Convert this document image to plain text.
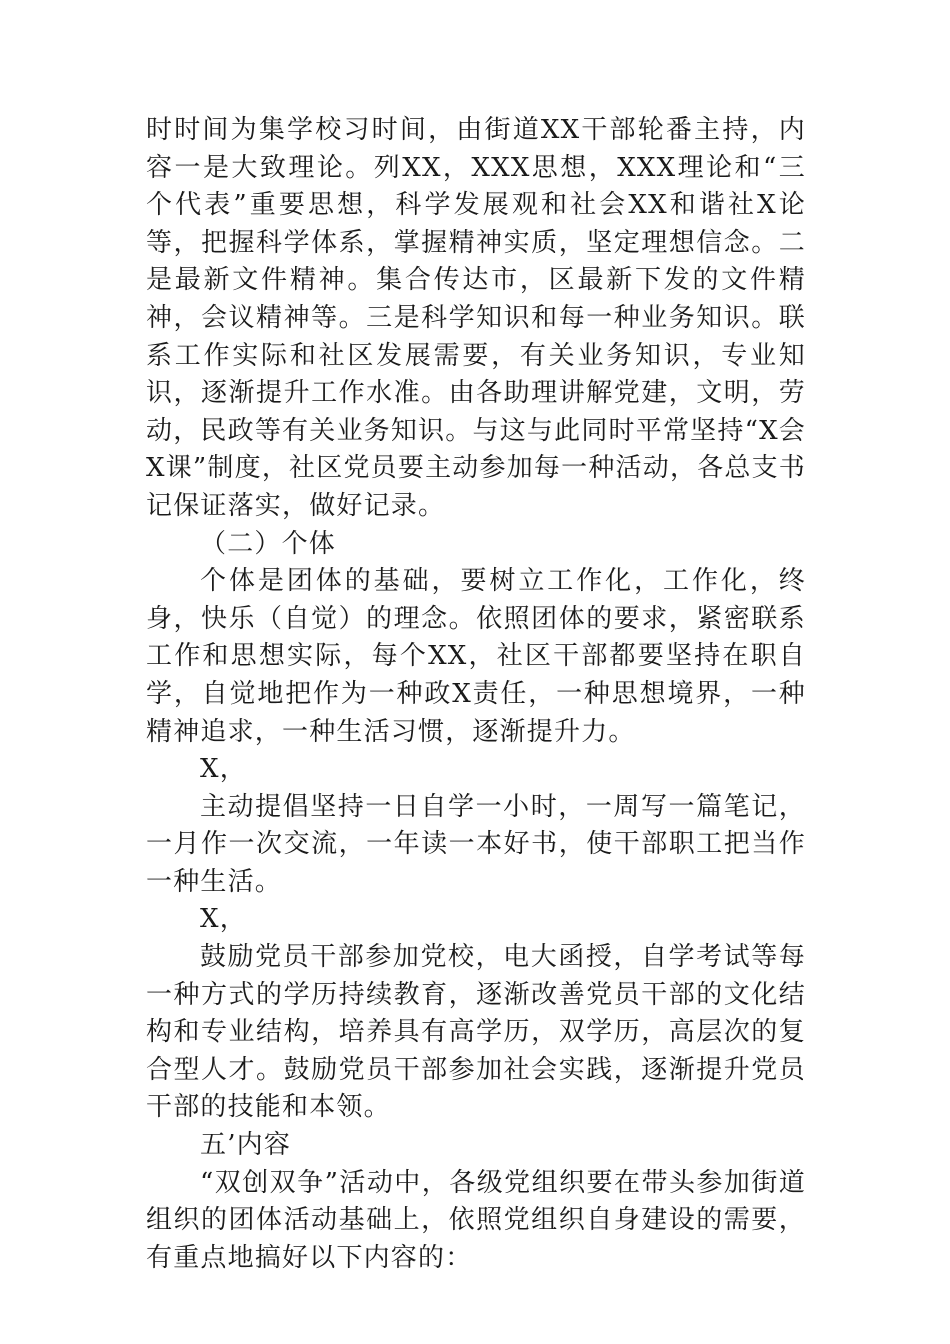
时时间为集学校习时间，由街道XX干部轮番主持，内容一是大致理论。列XX，XXX思想，XXX理论和“三个代表”重要思想，科学发展观和社会XX和谐社X论等，把握科学体系，掌握精神实质，坚定理想信念。二是最新文件精神。集合传达市，区最新下发的文件精神，会议精神等。三是科学知识和每一种业务知识。联系工作实际和社区发展需要，有关业务知识，专业知识，逐渐提升工作水准。由各助理讲解党建，文明，劳动，民政等有关业务知识。与这与此同时平常坚持“X会X课”制度，社区党员要主动参加每一种活动，各总支书记保证落实，做好记录。

（二）个体

个体是团体的基础，要树立工作化，工作化，终身，快乐（自觉）的理念。依照团体的要求，紧密联系工作和思想实际，每个XX，社区干部都要坚持在职自学，自觉地把作为一种政X责任，一种思想境界，一种精神追求，一种生活习惯，逐渐提升力。

X，

主动提倡坚持一日自学一小时，一周写一篇笔记，一月作一次交流，一年读一本好书，使干部职工把当作一种生活。

X，

鼓励党员干部参加党校，电大函授，自学考试等每一种方式的学历持续教育，逐渐改善党员干部的文化结构和专业结构，培养具有高学历，双学历，高层次的复合型人才。鼓励党员干部参加社会实践，逐渐提升党员干部的技能和本领。

五’内容

“双创双争”活动中，各级党组织要在带头参加街道组织的团体活动基础上，依照党组织自身建设的需要，有重点地搞好以下内容的：
